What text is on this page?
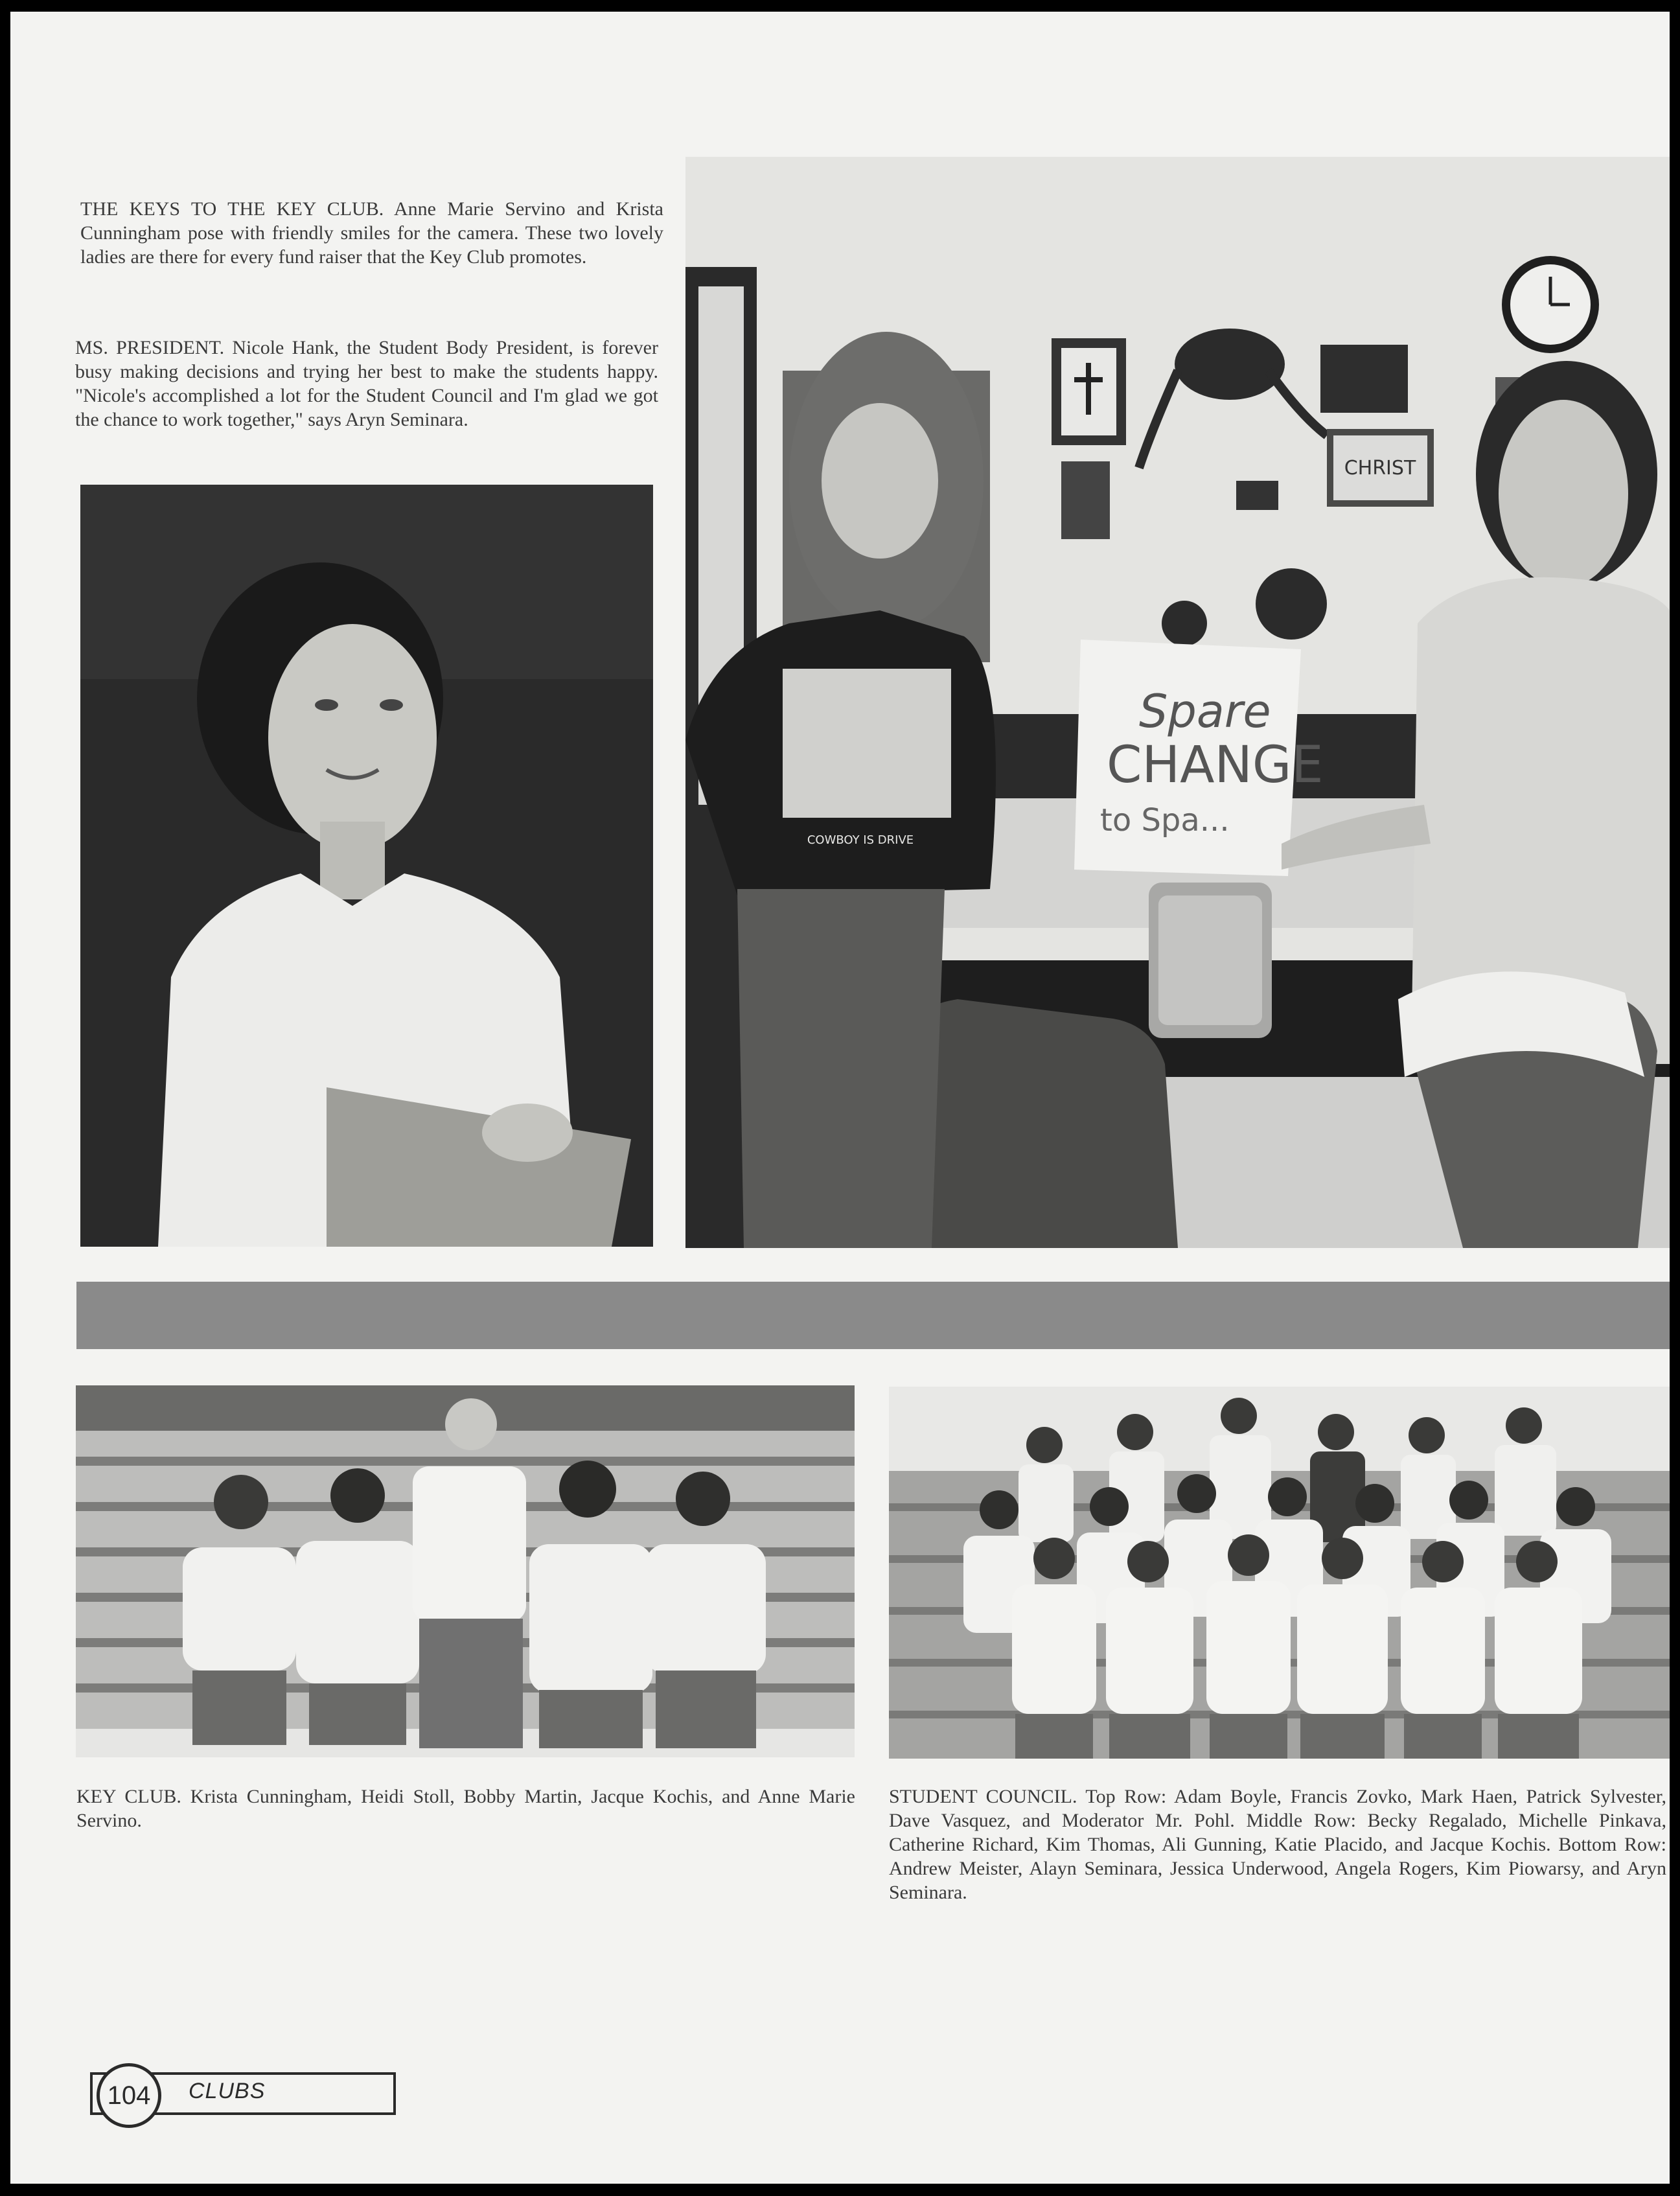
THE KEYS TO THE KEY CLUB. Anne Marie Servino and Krista Cunningham pose with friendly smiles for the camera. These two lovely ladies are there for every fund raiser that the Key Club promotes.

MS. PRESIDENT. Nicole Hank, the Student Body President, is forever busy making decisions and trying her best to make the students happy. "Nicole's accomplished a lot for the Student Council and I'm glad we got the chance to work together," says Aryn Seminara.

CHRIST
COWBOY IS DRIVE
Spare
CHANGE
to Spa...

KEY CLUB. Krista Cunningham, Heidi Stoll, Bobby Martin, Jacque Kochis, and Anne Marie Servino.

STUDENT COUNCIL. Top Row: Adam Boyle, Francis Zovko, Mark Haen, Patrick Sylvester, Dave Vasquez, and Moderator Mr. Pohl. Middle Row: Becky Regalado, Michelle Pinkava, Catherine Richard, Kim Thomas, Ali Gunning, Katie Placido, and Jacque Kochis. Bottom Row: Andrew Meister, Alayn Seminara, Jessica Underwood, Angela Rogers, Kim Piowarsy, and Aryn Seminara.

104	CLUBS
